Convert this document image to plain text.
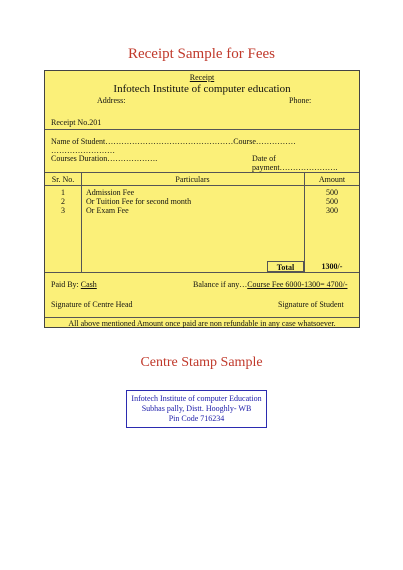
Receipt Sample for Fees
Receipt
Infotech Institute of computer education
Address:	Phone:
Receipt No.201
Name of Student…………………………………………Course…………… ……………………
Courses Duration……………….	Date of payment………………….
Sr. No.	Particulars	Amount
1	Admission Fee	500
2	Or Tuition Fee for second month	500
3	Or Exam Fee	300
Total	1300/-
Paid By: Cash	Balance if any…Course Fee 6000-1300= 4700/-
Signature of Centre Head	Signature of Student
All above mentioned Amount once paid are non refundable in any case whatsoever.
Centre Stamp Sample
Infotech Institute of computer Education
Subhas pally, Distt. Hooghly- WB
Pin Code 716234
